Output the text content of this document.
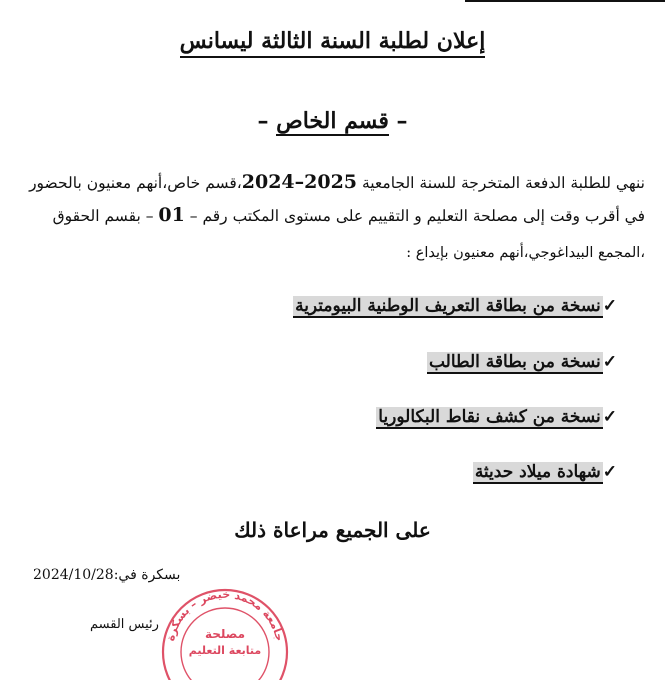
إعلان لطلبة السنة الثالثة ليسانس
– قسم الخاص –
ننهي للطلبة الدفعة المتخرجة للسنة الجامعية 2024–2025،قسم خاص،أنهم معنيون بالحضور
في أقرب وقت إلى مصلحة التعليم و التقييم على مستوى المكتب رقم – 01 – بقسم الحقوق
،المجمع البيداغوجي،أنهم معنيون بإيداع :
✓نسخة من بطاقة التعريف الوطنية البيومترية
✓نسخة من بطاقة الطالب
✓نسخة من كشف نقاط البكالوريا
✓شهادة ميلاد حديثة
على الجميع مراعاة ذلك
بسكرة في:2024/10/28
رئيس القسم
جامعة محمد خيضر – بسكرة
مصلحة
متابعة التعليم
